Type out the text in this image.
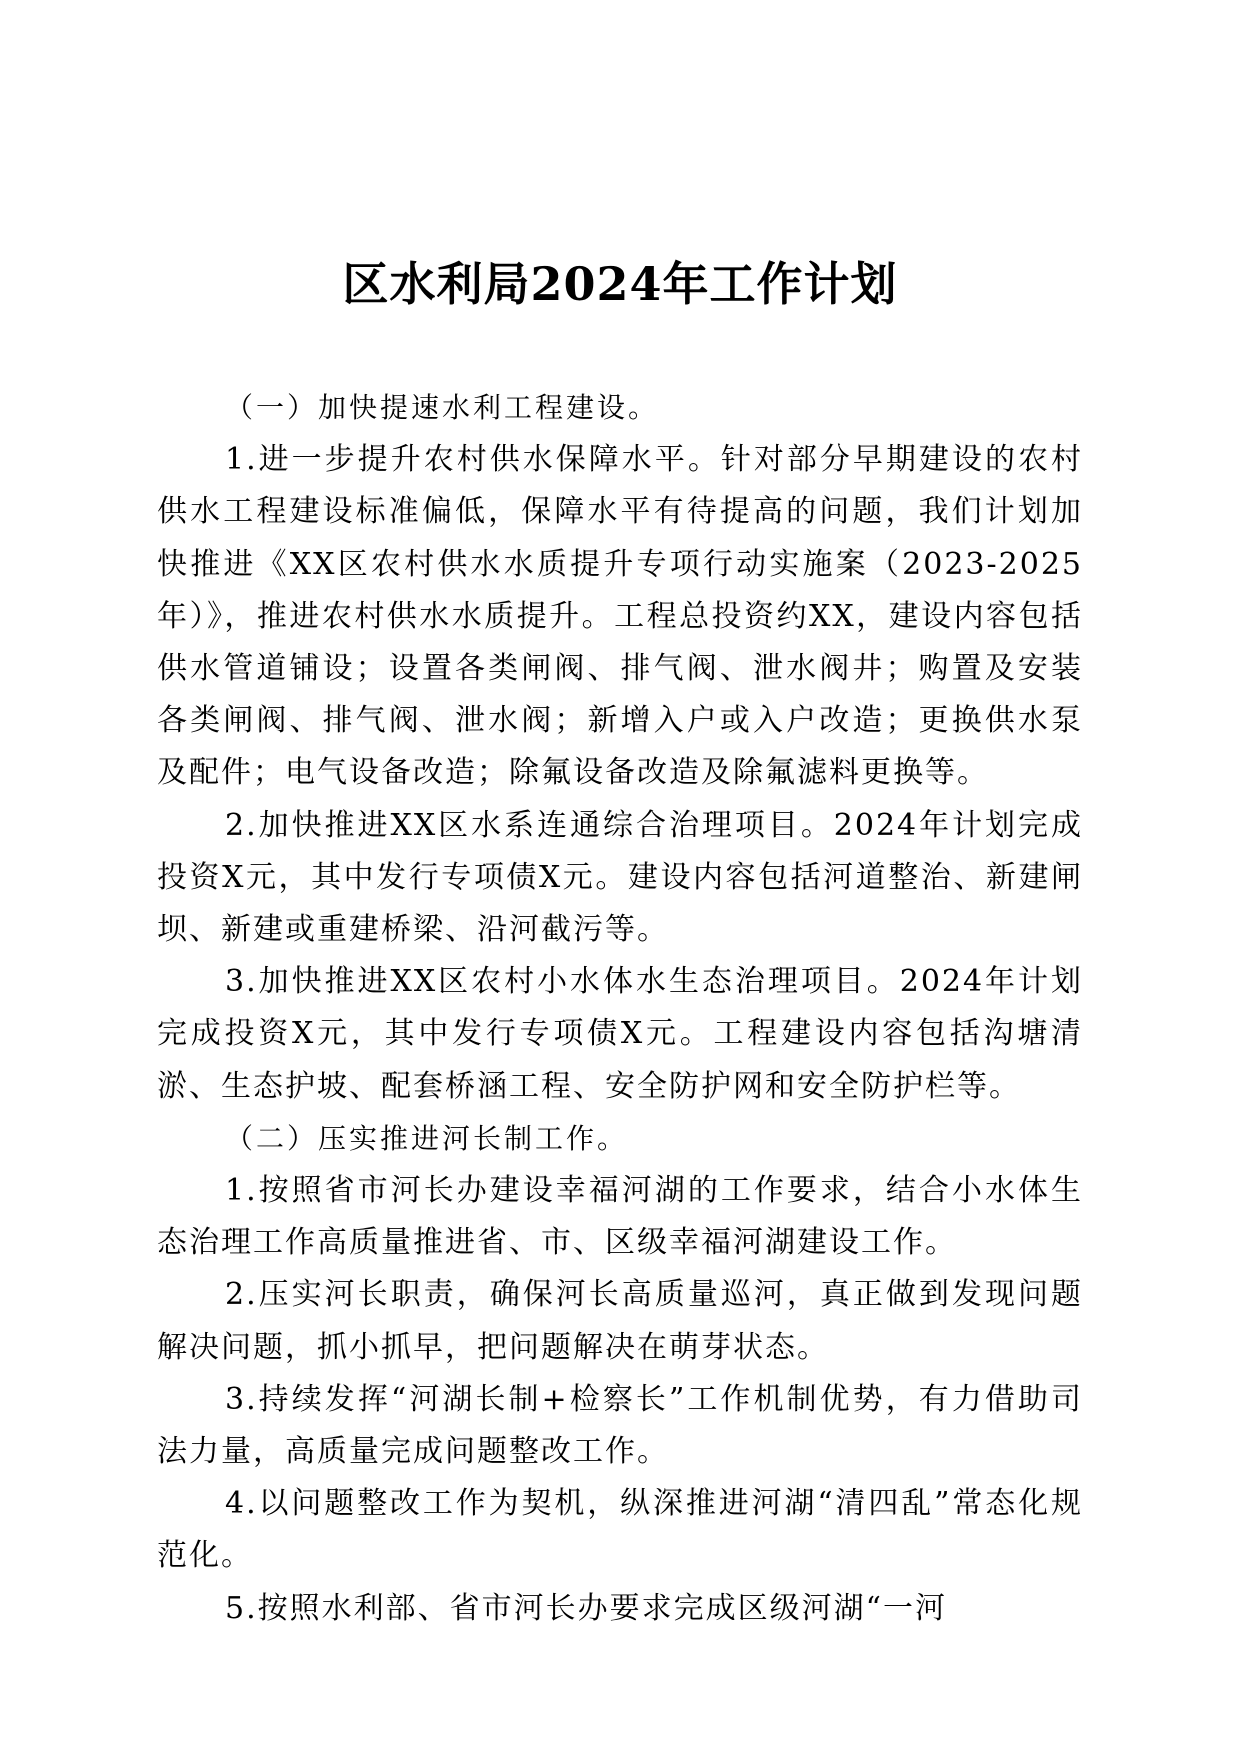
区水利局2024年工作计划

（一）加快提速水利工程建设。

1.进一步提升农村供水保障水平。针对部分早期建设的农村供水工程建设标准偏低，保障水平有待提高的问题，我们计划加快推进《XX区农村供水水质提升专项行动实施案（2023-2025年）》，推进农村供水水质提升。工程总投资约XX，建设内容包括供水管道铺设；设置各类闸阀、排气阀、泄水阀井；购置及安装各类闸阀、排气阀、泄水阀；新增入户或入户改造；更换供水泵及配件；电气设备改造；除氟设备改造及除氟滤料更换等。

2.加快推进XX区水系连通综合治理项目。2024年计划完成投资X元，其中发行专项债X元。建设内容包括河道整治、新建闸坝、新建或重建桥梁、沿河截污等。

3.加快推进XX区农村小水体水生态治理项目。2024年计划完成投资X元，其中发行专项债X元。工程建设内容包括沟塘清淤、生态护坡、配套桥涵工程、安全防护网和安全防护栏等。

（二）压实推进河长制工作。

1.按照省市河长办建设幸福河湖的工作要求，结合小水体生态治理工作高质量推进省、市、区级幸福河湖建设工作。

2.压实河长职责，确保河长高质量巡河，真正做到发现问题解决问题，抓小抓早，把问题解决在萌芽状态。

3.持续发挥“河湖长制+检察长”工作机制优势，有力借助司法力量，高质量完成问题整改工作。

4.以问题整改工作为契机，纵深推进河湖“清四乱”常态化规范化。

5.按照水利部、省市河长办要求完成区级河湖“一河
